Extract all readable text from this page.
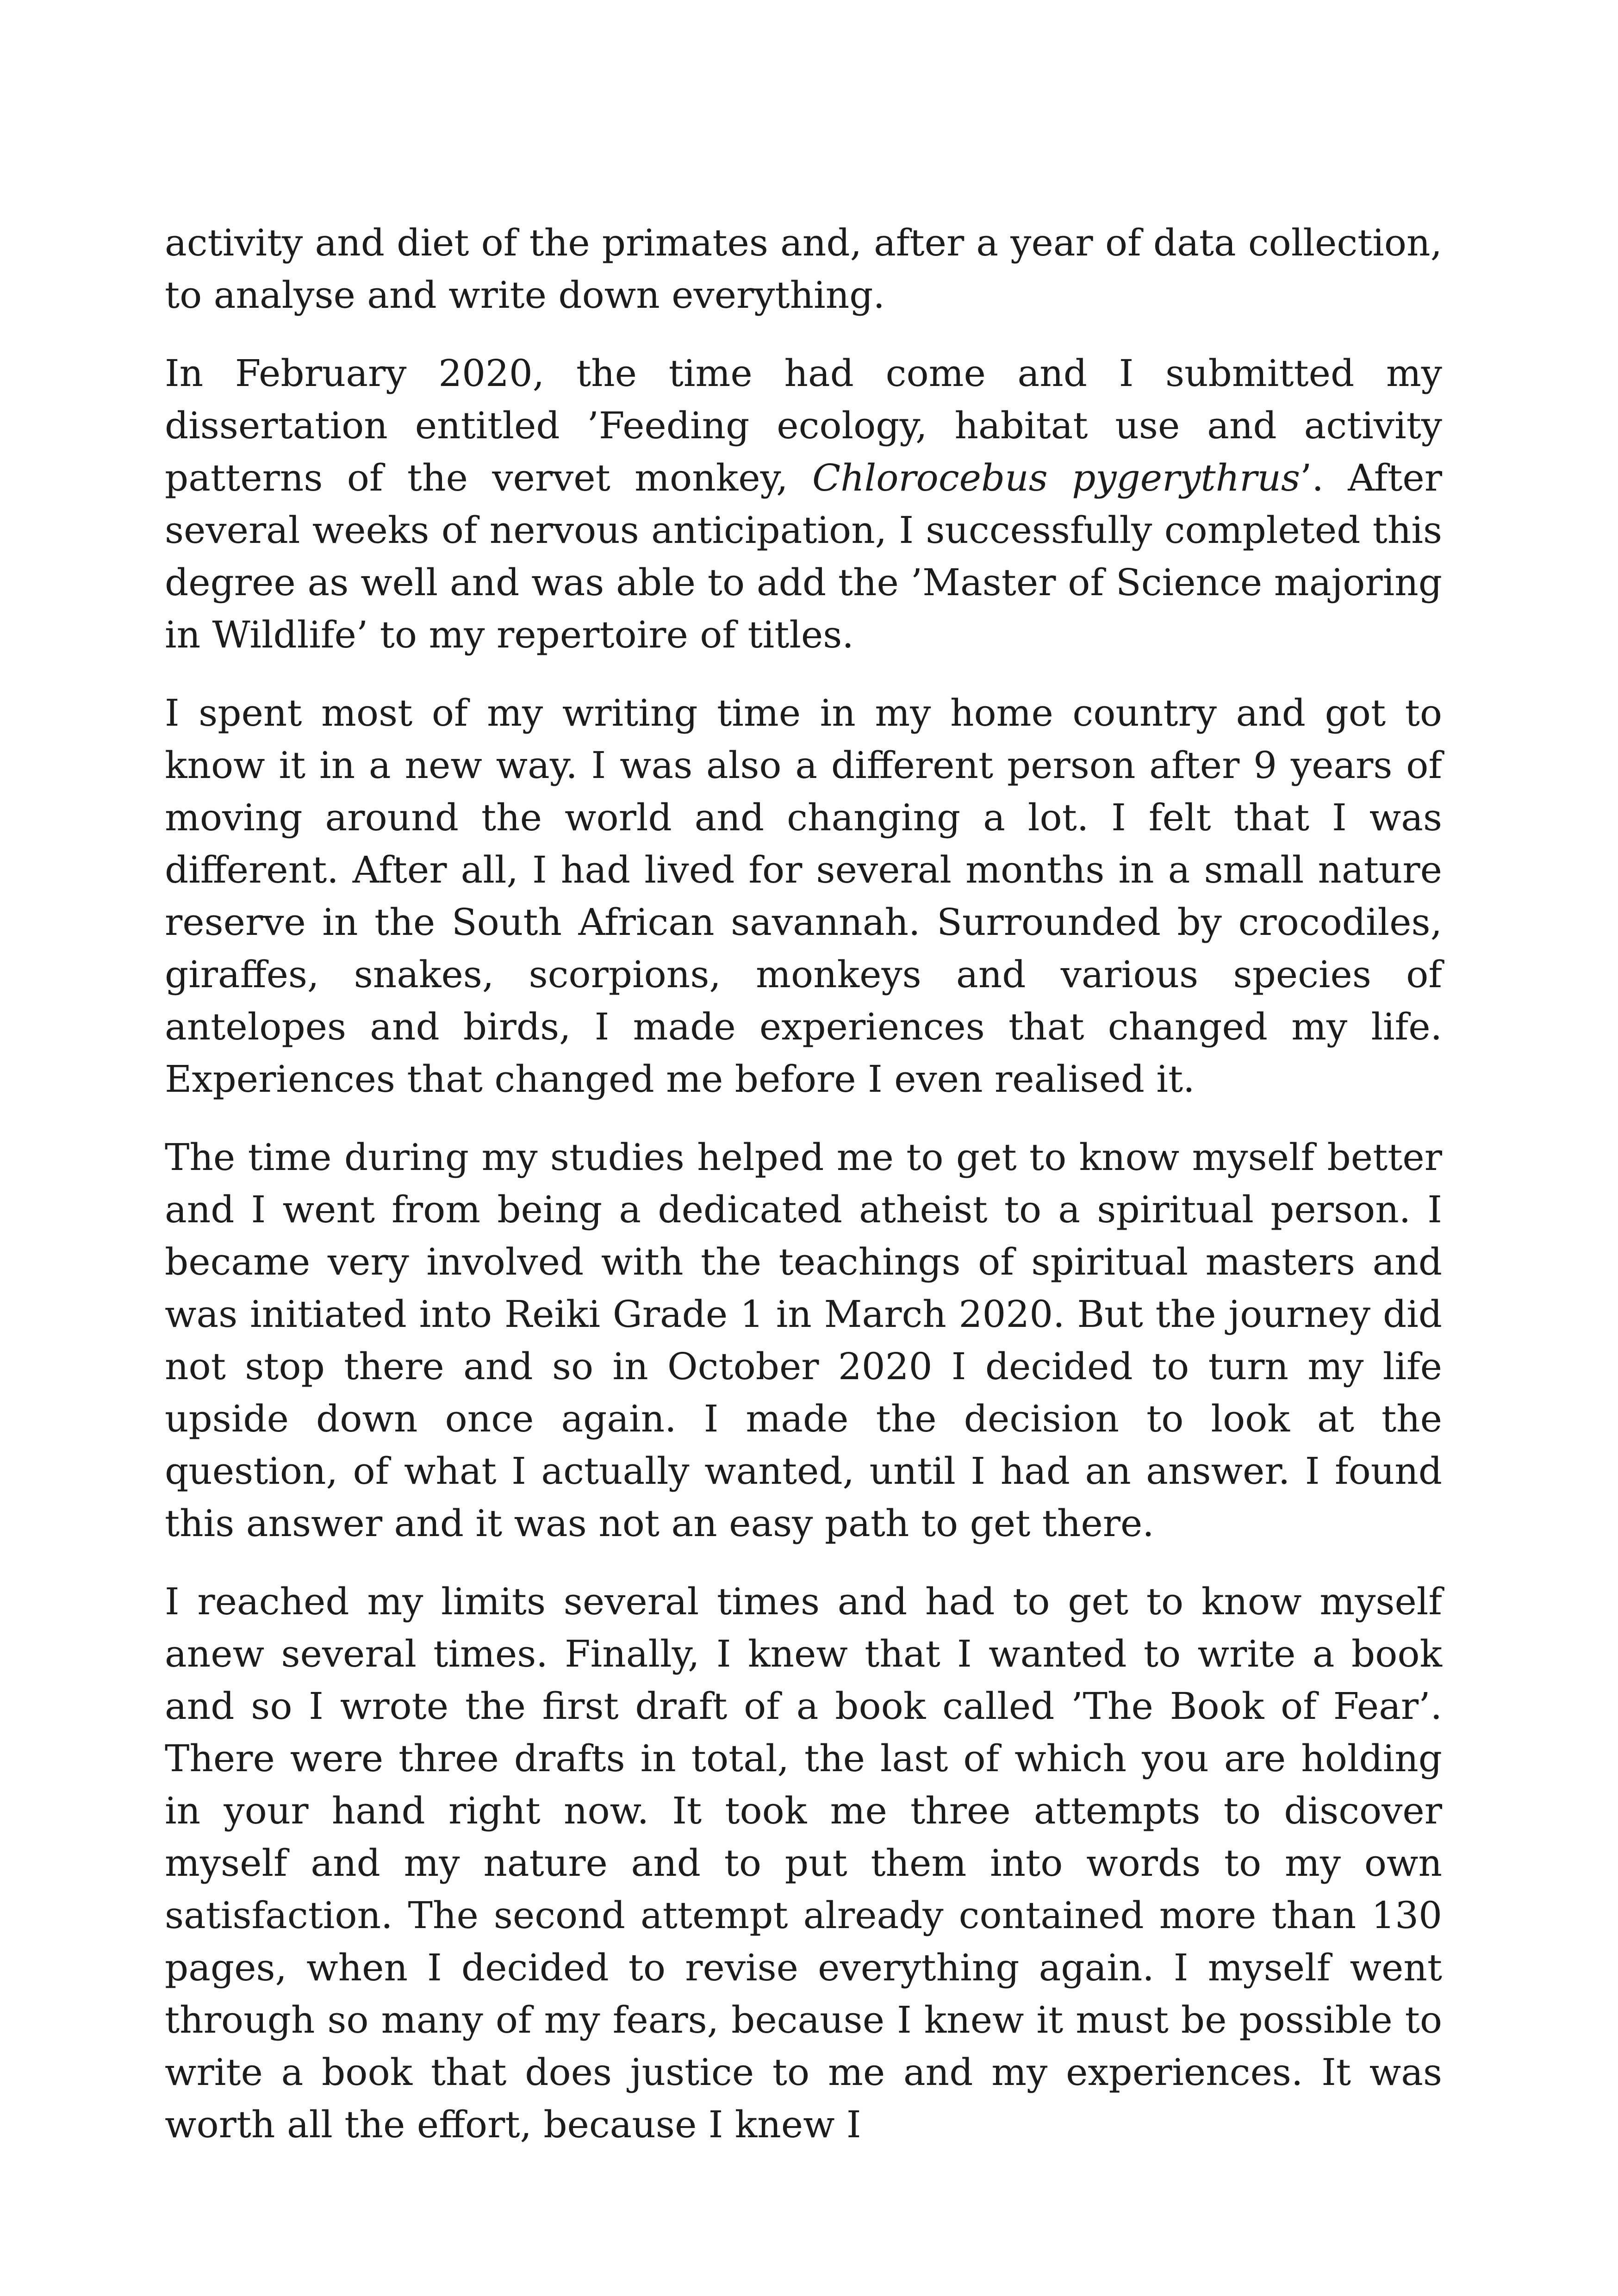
activity and diet of the primates and, after a year of data collection, to analyse and write down everything.

In February 2020, the time had come and I submitted my dissertation entitled ’Feeding ecology, habitat use and activity patterns of the vervet monkey, Chlorocebus pygerythrus’. After several weeks of nervous anticipation, I successfully completed this degree as well and was able to add the ’Master of Science majoring in Wildlife’ to my repertoire of titles.

I spent most of my writing time in my home country and got to know it in a new way. I was also a different person after 9 years of moving around the world and changing a lot. I felt that I was different. After all, I had lived for several months in a small nature reserve in the South African savannah. Surrounded by crocodiles, giraffes, snakes, scorpions, monkeys and various species of antelopes and birds, I made experiences that changed my life. Experiences that changed me before I even realised it.

The time during my studies helped me to get to know myself better and I went from being a dedicated atheist to a spiritual person. I became very involved with the teachings of spiritual masters and was initiated into Reiki Grade 1 in March 2020. But the journey did not stop there and so in October 2020 I decided to turn my life upside down once again. I made the decision to look at the question, of what I actually wanted, until I had an answer. I found this answer and it was not an easy path to get there.

I reached my limits several times and had to get to know myself anew several times. Finally, I knew that I wanted to write a book and so I wrote the first draft of a book called ’The Book of Fear’. There were three drafts in total, the last of which you are holding in your hand right now. It took me three attempts to discover myself and my nature and to put them into words to my own satisfaction. The second attempt already contained more than 130 pages, when I decided to revise everything again. I myself went through so many of my fears, because I knew it must be possible to write a book that does justice to me and my experiences. It was worth all the effort, because I knew I
